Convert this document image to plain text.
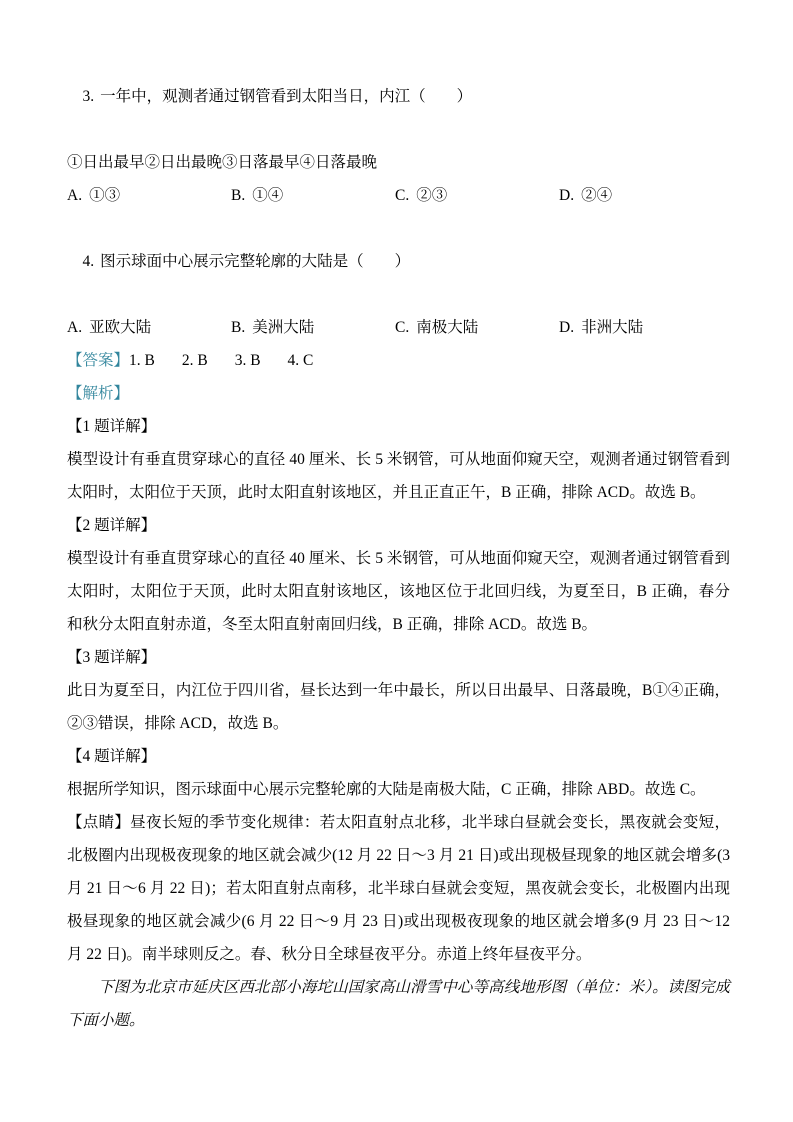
3. 一年中，观测者通过钢管看到太阳当日，内江（　　）

①日出最早②日出最晚③日落最早④日落最晚
A. ①③	B. ①④	C. ②③	D. ②④

4. 图示球面中心展示完整轮廓的大陆是（　　）

A. 亚欧大陆	B. 美洲大陆	C. 南极大陆	D. 非洲大陆
【答案】 1. B 2. B 3. B 4. C
【解析】
【1 题详解】
模型设计有垂直贯穿球心的直径 40 厘米、长 5 米钢管，可从地面仰窥天空，观测者通过钢管看到太阳时，太阳位于天顶，此时太阳直射该地区，并且正直正午，B 正确，排除 ACD。故选 B。
【2 题详解】
模型设计有垂直贯穿球心的直径 40 厘米、长 5 米钢管，可从地面仰窥天空，观测者通过钢管看到太阳时，太阳位于天顶，此时太阳直射该地区，该地区位于北回归线，为夏至日，B 正确，春分和秋分太阳直射赤道，冬至太阳直射南回归线，B 正确，排除 ACD。故选 B。
【3 题详解】
此日为夏至日，内江位于四川省，昼长达到一年中最长，所以日出最早、日落最晚，B①④正确，②③错误，排除 ACD，故选 B。
【4 题详解】
根据所学知识，图示球面中心展示完整轮廓的大陆是南极大陆，C 正确，排除 ABD。故选 C。
【点睛】昼夜长短的季节变化规律：若太阳直射点北移，北半球白昼就会变长，黑夜就会变短，北极圈内出现极夜现象的地区就会减少(12 月 22 日～3 月 21 日)或出现极昼现象的地区就会增多(3 月 21 日～6 月 22 日)；若太阳直射点南移，北半球白昼就会变短，黑夜就会变长，北极圈内出现极昼现象的地区就会减少(6 月 22 日～9 月 23 日)或出现极夜现象的地区就会增多(9 月 23 日～12 月 22 日)。南半球则反之。春、秋分日全球昼夜平分。赤道上终年昼夜平分。
下图为北京市延庆区西北部小海坨山国家高山滑雪中心等高线地形图（单位：米）。读图完成下面小题。
